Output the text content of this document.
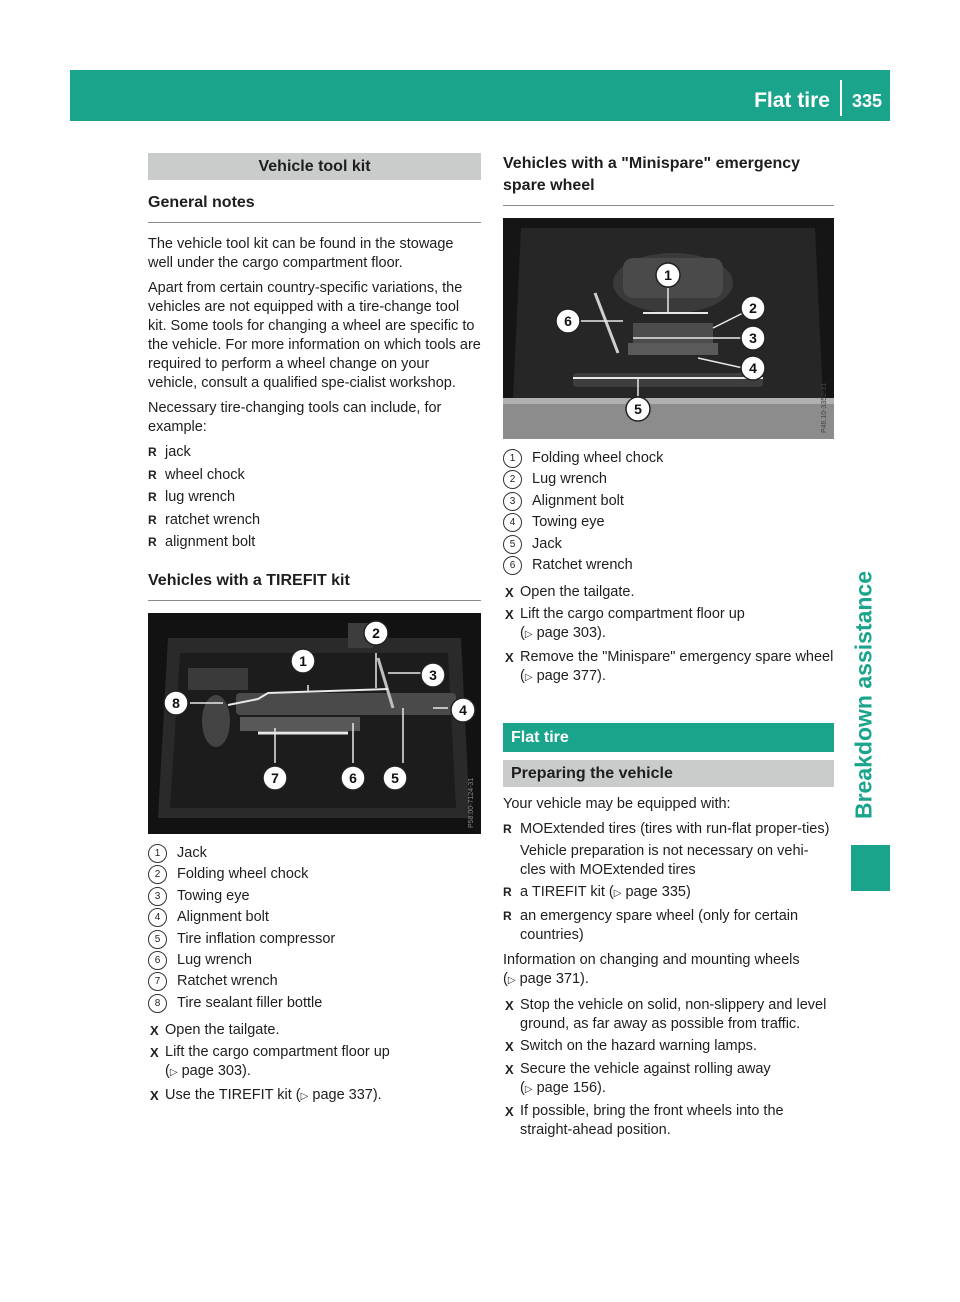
Flat tire	335
Breakdown assistance
Vehicle tool kit
General notes

The vehicle tool kit can be found in the stowage well under the cargo compartment floor.

Apart from certain country-specific variations, the vehicles are not equipped with a tire-change tool kit. Some tools for changing a wheel are specific to the vehicle. For more information on which tools are required to perform a wheel change on your vehicle, consult a qualified spe-cialist workshop.

Necessary tire-changing tools can include, for example:

R jack
R wheel chock
R lug wrench
R ratchet wrench
R alignment bolt
Vehicles with a TIREFIT kit
1
2
3
4
5
6
7
8
P58.00-7124-31
1	Jack
2	Folding wheel chock
3	Towing eye
4	Alignment bolt
5	Tire inflation compressor
6	Lug wrench
7	Ratchet wrench
8	Tire sealant filler bottle
X Open the tailgate.
X Lift the cargo compartment floor up
(▷ page 303).
X Use the TIREFIT kit (▷ page 337).
Vehicles with a "Minispare" emergency spare wheel
1
2
3
4
5
6
P46.10-3352-31
1	Folding wheel chock
2	Lug wrench
3	Alignment bolt
4	Towing eye
5	Jack
6	Ratchet wrench
X Open the tailgate.
X Lift the cargo compartment floor up
(▷ page 303).
X Remove the "Minispare" emergency spare wheel (▷ page 377).
Flat tire
Preparing the vehicle

Your vehicle may be equipped with:

R MOExtended tires (tires with run-flat proper-ties)

Vehicle preparation is not necessary on vehi-cles with MOExtended tires
R a TIREFIT kit (▷ page 335)
R an emergency spare wheel (only for certain countries)

Information on changing and mounting wheels
(▷ page 371).

X Stop the vehicle on solid, non-slippery and level ground, as far away as possible from traffic.
X Switch on the hazard warning lamps.
X Secure the vehicle against rolling away
(▷ page 156).
X If possible, bring the front wheels into the straight-ahead position.
